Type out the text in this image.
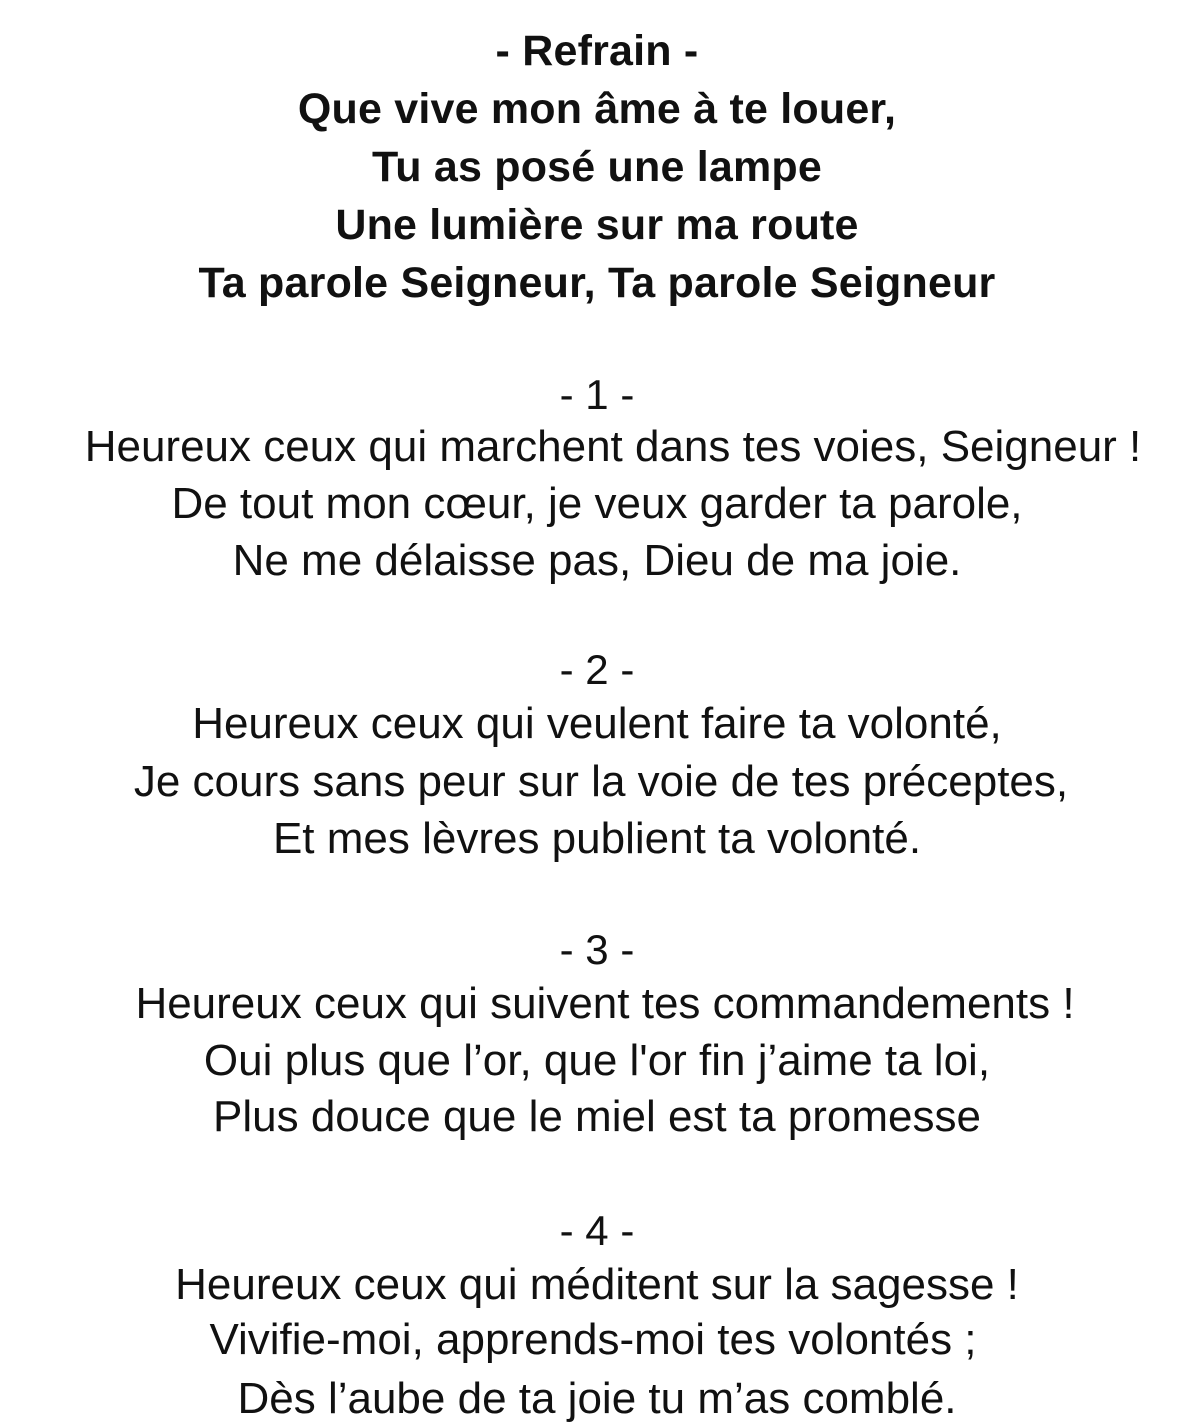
- Refrain -
Que vive mon âme à te louer,
Tu as posé une lampe
Une lumière sur ma route
Ta parole Seigneur, Ta parole Seigneur
- 1 -
Heureux ceux qui marchent dans tes voies, Seigneur !
De tout mon cœur, je veux garder ta parole,
Ne me délaisse pas, Dieu de ma joie.
- 2 -
Heureux ceux qui veulent faire ta volonté,
Je cours sans peur sur la voie de tes préceptes,
Et mes lèvres publient ta volonté.
- 3 -
Heureux ceux qui suivent tes commandements !
Oui plus que l’or, que l'or fin j’aime ta loi,
Plus douce que le miel est ta promesse
- 4 -
Heureux ceux qui méditent sur la sagesse !
Vivifie-moi, apprends-moi tes volontés ;
Dès l’aube de ta joie tu m’as comblé.
